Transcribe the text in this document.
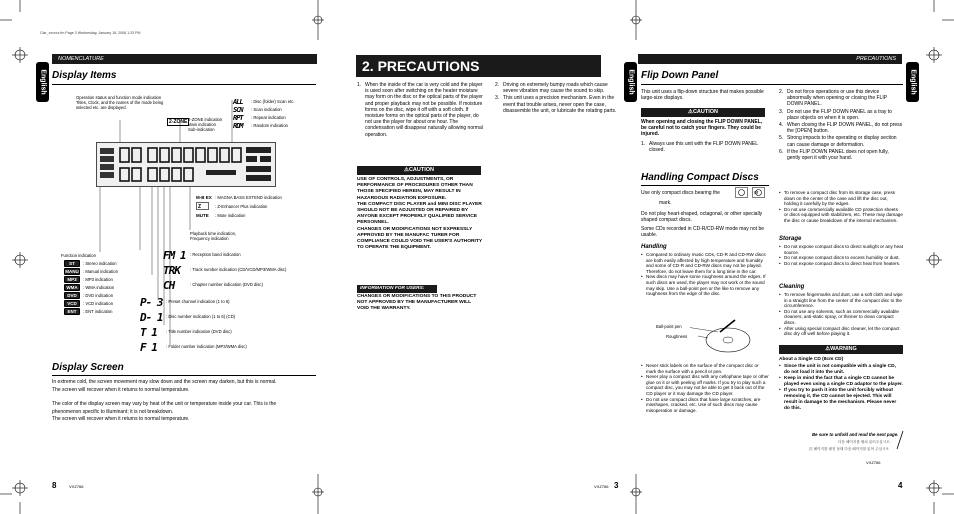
Clar_xxxxxx.fm Page 3 Wednesday, January 18, 2006 1:33 PM
NOMENCLATURE
English Display Items
Operation status and function mode indication
Titles, Clock, and the names of the mode being
selected etc. are displayed.
ALL : Disc (folder) Scan etc.
SCN : Scan indication
RPT : Repeat indication
RDM : Random indication
2-ZONE 2-ZONE indication
Main indication
Sub-indication
M-B EX : MAGNA BASS EXTEND indication
Z	: Z-Enhancer Plus indication
MUTE : Mute indication
Playback time indication,
Frequency indication
FM 1 : Reception band indication
TRK : Track number indication (CD/VCD/MP3/WMA disc)
CH	: Chapter number indication (DVD disc)
P- 3 : Preset channel indication (1 to 6)
D- 1 : Disc number indication (1 to 6) (CD)
T 1 : Title number indication (DVD disc)
F 1 : Folder number indication (MP3/WMA disc)
Function indication
ST	: Stereo indication
MANU : Manual indication
MP3	: MP3 indication
WMA	: WMA indication
DVD	: DVD indication
VCD	: VCD indication
ENT	: ENT indication
Display Screen
In extreme cold, the screen movement may slow down and the screen may darken, but this is normal.
The screen will recover when it returns to normal temperature.
The color of the display screen may vary by heat of the unit or temperature inside your car. This is the
phenomenon specific to illuminant; it is not breakdown.
The screen will recover when it returns to normal temperature.
8	VXZ766
2. PRECAUTIONS
1. When the inside of the car is very cold and the player is used soon after switching on the heater moisture may form on the disc or the optical parts of the player and proper playback may not be possible. If moisture forms on the disc, wipe it off with a soft cloth. If moisture forms on the optical parts of the player, do not use the player for about one hour. The condensation will disappear naturally allowing normal operation.
2. Driving on extremely bumpy roads which cause severe vibration may cause the sound to skip.
3. This unit uses a precision mechanism. Even in the event that trouble arises, never open the case, disassemble the unit, or lubricate the rotating parts.
⚠CAUTION
USE OF CONTROLS, ADJUSTMENTS, OR PERFORMANCE OF PROCEDURES OTHER THAN THOSE SPECIFIED HEREIN, MAY RESULT IN HAZARDOUS RADIATION EXPOSURE.
THE COMPACT DISC PLAYER and MINI DISC PLAYER SHOULD NOT BE ADJUSTED OR REPAIRED BY ANYONE EXCEPT PROPERLY QUALIFIED SERVICE PERSONNEL.
CHANGES OR MODIFICATIONS NOT EXPRESSLY APPROVED BY THE MANUFAC TURER FOR COMPLIANCE COULD VOID THE USER'S AUTHORITY TO OPERATE THE EQUIPMENT.
INFORMATION FOR USERS:
CHANGES OR MODIFICATIONS TO THIS PRODUCT NOT APPROVED BY THE MANUFACTURER WILL VOID THE WARRANTY.
VXZ766 3
English
PRECAUTIONS
English
Flip Down Panel
This unit uses a flip-down structure that makes possible large-size displays.
⚠CAUTION
When opening and closing the FLIP DOWN PANEL, be careful not to catch your fingers. They could be injured.
1. Always use this unit with the FLIP DOWN PANEL closed.
2. Do not force operations or use this device abnormally when opening or closing the FLIP DOWN PANEL.
3. Do not use the FLIP DOWN PANEL as a tray to place objects on when it is open.
4. When closing the FLIP DOWN PANEL, do not press the [OPEN] button.
5. Strong impacts to the operating or display section can cause damage or deformation.
6. If the FLIP DOWN PANEL does not open fully, gently open it with your hand.
Handling Compact Discs
Use only compact discs bearing the	or
mark.
Do not play heart-shaped, octagonal, or other specially shaped compact discs.
Some CDs recorded in CD-R/CD-RW mode may not be usable.
Handling
• Compared to ordinary music CDs, CD-R and CD-RW discs are both easily affected by high temperature and humidity and some of CD-R and CD-RW discs may not be played. Therefore, do not leave them for a long time in the car.
• New discs may have some roughness around the edges. If such discs are used, the player may not work or the sound may skip. Use a ball-point pen or the like to remove any roughness from the edge of the disc.
Ball-point pen
Roughness
• Never stick labels on the surface of the compact disc or mark the surface with a pencil or pen.
• Never play a compact disc with any cellophane tape or other glue on it or with peeling off marks. If you try to play such a compact disc, you may not be able to get it back out of the CD player or it may damage the CD player.
• Do not use compact discs that have large scratches, are misshapen, cracked, etc. Use of such discs may cause misoperation or damage.
• To remove a compact disc from its storage case, press down on the center of the case and lift the disc out, holding it carefully by the edges.
• Do not use commercially available CD protection sheets or discs equipped with stabilizers, etc. These may damage the disc or cause breakdown of the internal mechanism.
Storage
• Do not expose compact discs to direct sunlight or any heat source.
• Do not expose compact discs to excess humidity or dust.
• Do not expose compact discs to direct heat from heaters.
Cleaning
• To remove fingermarks and dust, use a soft cloth and wipe in a straight line from the center of the compact disc to the circumference.
• Do not use any solvents, such as commercially available cleaners, anti-static spray, or thinner to clean compact discs.
• After using special compact disc cleaner, let the compact disc dry off well before playing it.
⚠WARNING
About a Single CD (8cm CD)
• Since the unit is not compatible with a single CD, do not load it into the unit.
• Keep in mind the fact that a single CD cannot be played even using a single CD adaptor to the player.
• If you try to push it into the unit forcibly without removing it, the CD cannot be ejected. This will result in damage to the mechanism. Please never do this.
Be sure to unfold and read the next page.
다음 페이지를 펼쳐 읽어주십시오.
次 페이지를 펼친 상태 다음 페이지를 읽어 주십시오
VXZ766
4
